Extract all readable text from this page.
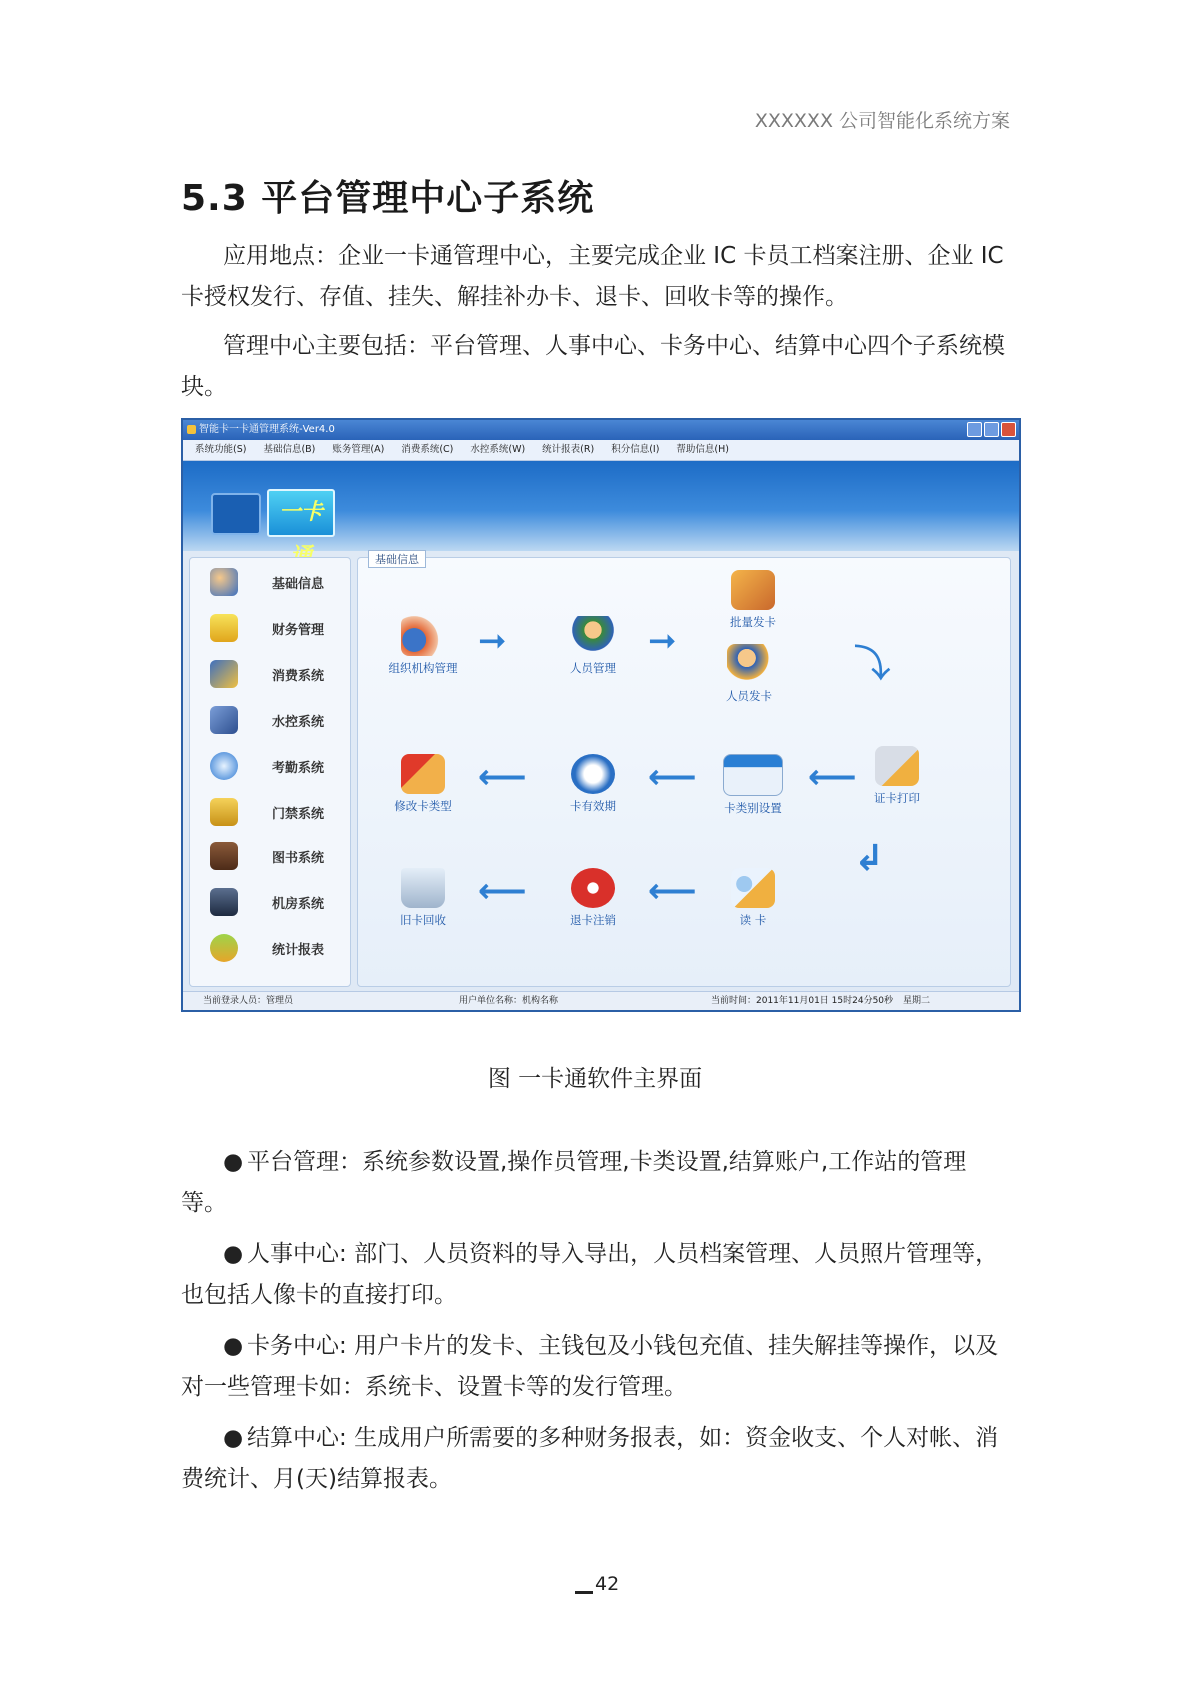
XXXXXX 公司智能化系统方案
5.3 平台管理中心子系统
应用地点：企业一卡通管理中心，主要完成企业 IC 卡员工档案注册、企业 IC 卡授权发行、存值、挂失、解挂补办卡、退卡、回收卡等的操作。
管理中心主要包括：平台管理、人事中心、卡务中心、结算中心四个子系统模块。
智能卡一卡通管理系统-Ver4.0
系统功能(S) 基础信息(B) 账务管理(A) 消费系统(C) 水控系统(W) 统计报表(R) 积分信息(I) 帮助信息(H)
一卡
基础信息
财务管理
消费系统
水控系统
考勤系统
门禁系统
图书系统
机房系统
统计报表
基础信息
组织机构管理
➞
人员管理
➞	批量发卡
人员发卡
⤵
修改卡类型
⟵
卡有效期
⟵
卡类别设置
⟵
证卡打印
↲
旧卡回收
⟵
退卡注销
⟵
读 卡
当前登录人员：管理员	用户单位名称：机构名称	当前时间：2011年11月01日 15时24分50秒 星期二
图 一卡通软件主界面
● 平台管理：系统参数设置,操作员管理,卡类设置,结算账户,工作站的管理等。
● 人事中心: 部门、人员资料的导入导出，人员档案管理、人员照片管理等，也包括人像卡的直接打印。
● 卡务中心: 用户卡片的发卡、主钱包及小钱包充值、挂失解挂等操作，以及对一些管理卡如：系统卡、设置卡等的发行管理。
● 结算中心: 生成用户所需要的多种财务报表，如：资金收支、个人对帐、消费统计、月(天)结算报表。
42
